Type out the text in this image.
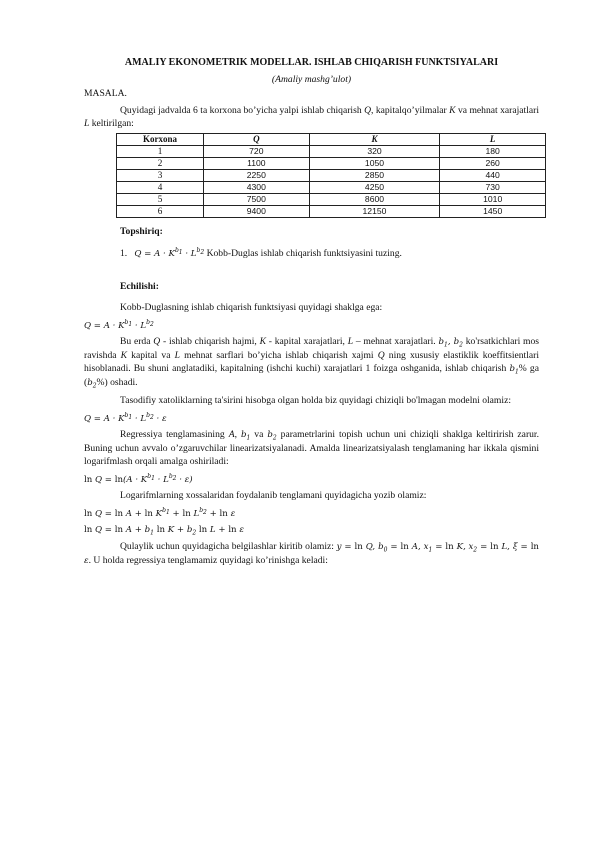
AMALIY EKONOMETRIK MODELLAR. ISHLAB CHIQARISH FUNKTSIYALARI

(Amaliy mashg’ulot)

MASALA.

Quyidagi jadvalda 6 ta korxona bo’yicha yalpi ishlab chiqarish Q, kapitalqo’yilmalar K va mehnat xarajatlari L keltirilgan:

Korxona	Q	K	L
1	720	320	180
2	1100	1050	260
3	2250	2850	440
4	4300	4250	730
5	7500	8600	1010
6	9400	12150	1450

Topshiriq:

1. $Q = A \cdot K^{b_1} \cdot L^{b_2}$ Kobb-Duglas ishlab chiqarish funktsiyasini tuzing.

Echilishi:

Kobb-Duglasning ishlab chiqarish funktsiyasi quyidagi shaklga ega:

$Q = A \cdot K^{b_1} \cdot L^{b_2}$

Bu erda Q - ishlab chiqarish hajmi, K - kapital xarajatlari, L – mehnat xarajatlari. $b_1$, $b_2$ ko'rsatkichlari mos ravishda K kapital va L mehnat sarflari bo’yicha ishlab chiqarish xajmi Q ning xususiy elastiklik koeffitsientlari hisoblanadi. Bu shuni anglatadiki, kapitalning (ishchi kuchi) xarajatlari 1 foizga oshganida, ishlab chiqarish $b_1\%$ ga $(b_2\%)$ oshadi.

Tasodifiy xatoliklarning ta'sirini hisobga olgan holda biz quyidagi chiziqli bo'lmagan modelni olamiz:

$Q = A \cdot K^{b_1} \cdot L^{b_2} \cdot \varepsilon$

Regressiya tenglamasining A, $b_1$ va $b_2$ parametrlarini topish uchun uni chiziqli shaklga keltirirish zarur. Buning uchun avvalo o’zgaruvchilar linearizatsiyalanadi. Amalda linearizatsiyalash tenglamaning har ikkala qismini logarifmlash orqali amalga oshiriladi:

$\ln Q = \ln(A \cdot K^{b_1} \cdot L^{b_2} \cdot \varepsilon)$

Logarifmlarning xossalaridan foydalanib tenglamani quyidagicha yozib olamiz:

$\ln Q = \ln A + \ln K^{b_1} + \ln L^{b_2} + \ln \varepsilon$

$\ln Q = \ln A + b_1$ $\ln K + b_2$ ln L + ln ε

Qulaylik uchun quyidagicha belgilashlar kiritib olamiz: y = ln Q, $b_0 = \ln A$, $x_1 = \ln K$, $x_2 = \ln L$, ξ = ln ε. U holda regressiya tenglamamiz quyidagi ko’rinishga keladi:
